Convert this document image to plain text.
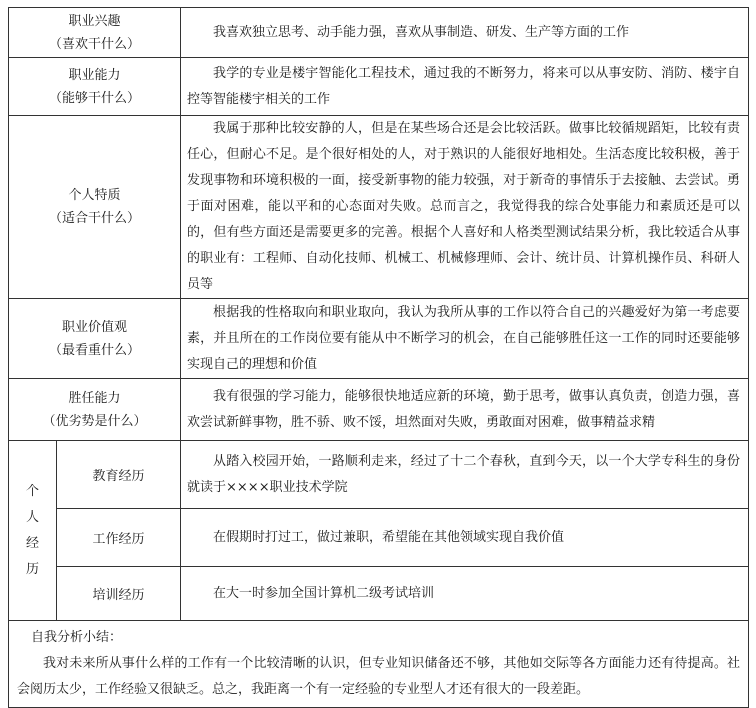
职业兴趣
（喜欢干什么）		我喜欢独立思考、动手能力强，喜欢从事制造、研发、生产等方面的工作

职业能力
（能够干什么）		我学的专业是楼宇智能化工程技术，通过我的不断努力，将来可以从事安防、消防、楼宇自控等智能楼宇相关的工作

个人特质
（适合干什么）		我属于那种比较安静的人，但是在某些场合还是会比较活跃。做事比较循规蹈矩，比较有责任心，但耐心不足。是个很好相处的人，对于熟识的人能很好地相处。生活态度比较积极，善于发现事物和环境积极的一面，接受新事物的能力较强，对于新奇的事情乐于去接触、去尝试。勇于面对困难，能以平和的心态面对失败。总而言之，我觉得我的综合处事能力和素质还是可以的，但有些方面还是需要更多的完善。根据个人喜好和人格类型测试结果分析，我比较适合从事的职业有：工程师、自动化技师、机械工、机械修理师、会计、统计员、计算机操作员、科研人员等

职业价值观
（最看重什么）		根据我的性格取向和职业取向，我认为我所从事的工作以符合自己的兴趣爱好为第一考虑要素，并且所在的工作岗位要有能从中不断学习的机会，在自己能够胜任这一工作的同时还要能够实现自己的理想和价值

胜任能力
（优劣势是什么）		我有很强的学习能力，能够很快地适应新的环境，勤于思考，做事认真负责，创造力强，喜欢尝试新鲜事物，胜不骄、败不馁，坦然面对失败，勇敢面对困难，做事精益求精

个
人
经
历	教育经历	从踏入校园开始，一路顺利走来，经过了十二个春秋，直到今天，以一个大学专科生的身份就读于××××职业技术学院

	工作经历	在假期时打过工，做过兼职，希望能在其他领域实现自我价值

	培训经历	在大一时参加全国计算机二级考试培训

自我分析小结：

我对未来所从事什么样的工作有一个比较清晰的认识，但专业知识储备还不够，其他如交际等各方面能力还有待提高。社会阅历太少，工作经验又很缺乏。总之，我距离一个有一定经验的专业型人才还有很大的一段差距。		
